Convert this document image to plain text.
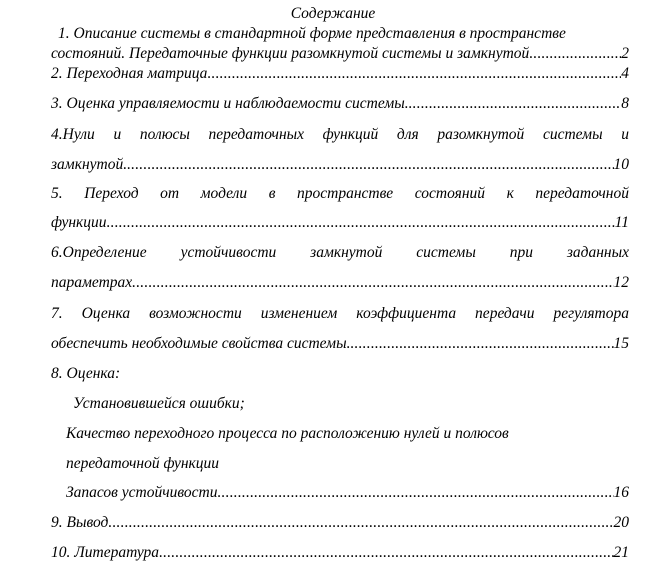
Содержание
1. Описание системы в стандартной форме представления в пространстве
состояний. Передаточные функции разомкнутой системы и замкнутой .....	2
2. Переходная матрица .....	4
3. Оценка управляемости и наблюдаемости системы. .....	8
4.Нули и полюсы передаточных функций для разомкнутой системы и
замкнутой. .....	10
5. Переход от модели в пространстве состояний к передаточной
функции .....	11
6.Определение устойчивости замкнутой системы при заданных
параметрах .....	12
7. Оценка возможности изменением коэффициента передачи регулятора
обеспечить необходимые свойства системы. .....	15
8. Оценка:
Установившейся ошибки;
Качество переходного процесса по расположению нулей и полюсов
передаточной функции
Запасов устойчивости .....	16
9. Вывод .....	20
10. Литература .....	21
